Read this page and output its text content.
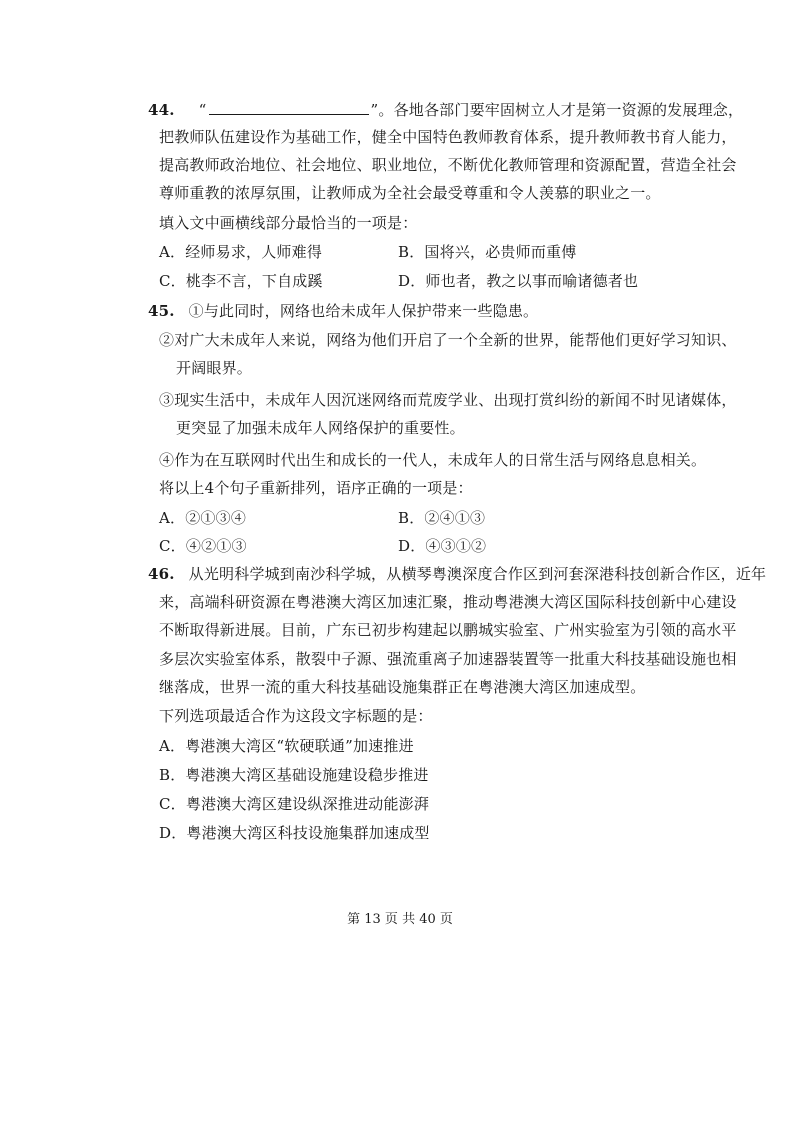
44. “	”。各地各部门要牢固树立人才是第一资源的发展理念，
把教师队伍建设作为基础工作，健全中国特色教师教育体系，提升教师教书育人能力，
提高教师政治地位、社会地位、职业地位，不断优化教师管理和资源配置，营造全社会
尊师重教的浓厚氛围，让教师成为全社会最受尊重和令人羡慕的职业之一。
填入文中画横线部分最恰当的一项是：
A．经师易求，人师难得	B．国将兴，必贵师而重傅
C．桃李不言，下自成蹊	D．师也者，教之以事而喻诸德者也
45. ①与此同时，网络也给未成年人保护带来一些隐患。
②对广大未成年人来说，网络为他们开启了一个全新的世界，能帮他们更好学习知识、
开阔眼界。
③现实生活中，未成年人因沉迷网络而荒废学业、出现打赏纠纷的新闻不时见诸媒体，
更突显了加强未成年人网络保护的重要性。
④作为在互联网时代出生和成长的一代人，未成年人的日常生活与网络息息相关。
将以上4个句子重新排列，语序正确的一项是：
A．②①③④	B．②④①③
C．④②①③	D．④③①②
46. 从光明科学城到南沙科学城，从横琴粤澳深度合作区到河套深港科技创新合作区，近年
来，高端科研资源在粤港澳大湾区加速汇聚，推动粤港澳大湾区国际科技创新中心建设
不断取得新进展。目前，广东已初步构建起以鹏城实验室、广州实验室为引领的高水平
多层次实验室体系，散裂中子源、强流重离子加速器装置等一批重大科技基础设施也相
继落成，世界一流的重大科技基础设施集群正在粤港澳大湾区加速成型。
下列选项最适合作为这段文字标题的是：
A．粤港澳大湾区“软硬联通”加速推进
B．粤港澳大湾区基础设施建设稳步推进
C．粤港澳大湾区建设纵深推进动能澎湃
D．粤港澳大湾区科技设施集群加速成型
第 13 页 共 40 页
